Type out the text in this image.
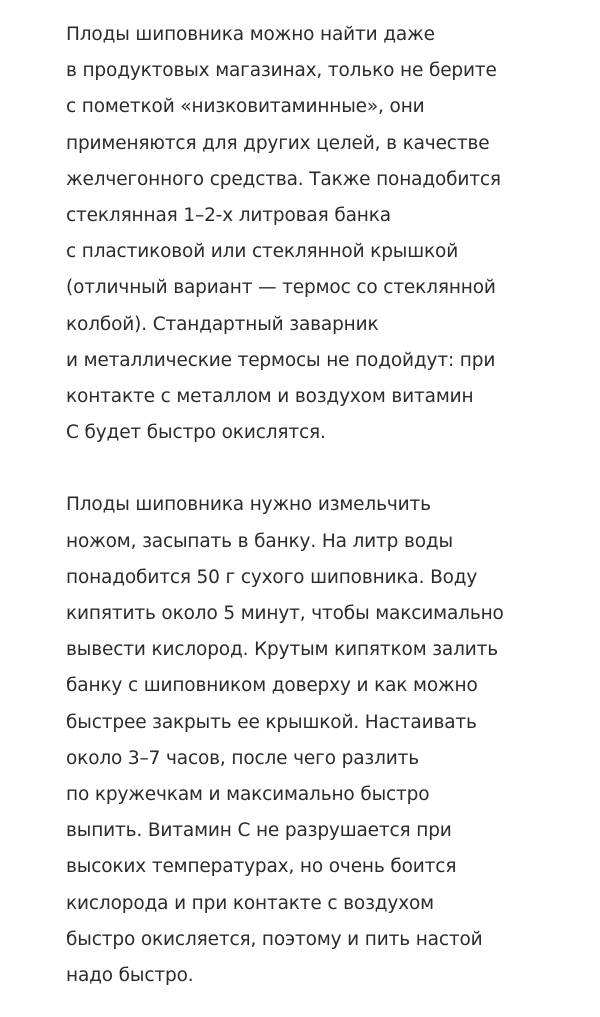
Плоды шиповника можно найти даже
в продуктовых магазинах, только не берите
с пометкой «низковитаминные», они
применяются для других целей, в качестве
желчегонного средства. Также понадобится
стеклянная 1–2-х литровая банка
с пластиковой или стеклянной крышкой
(отличный вариант — термос со стеклянной
колбой). Стандартный заварник
и металлические термосы не подойдут: при
контакте с металлом и воздухом витамин
С будет быстро окислятся.

Плоды шиповника нужно измельчить
ножом, засыпать в банку. На литр воды
понадобится 50 г сухого шиповника. Воду
кипятить около 5 минут, чтобы максимально
вывести кислород. Крутым кипятком залить
банку с шиповником доверху и как можно
быстрее закрыть ее крышкой. Настаивать
около 3–7 часов, после чего разлить
по кружечкам и максимально быстро
выпить. Витамин С не разрушается при
высоких температурах, но очень боится
кислорода и при контакте с воздухом
быстро окисляется, поэтому и пить настой
надо быстро.
